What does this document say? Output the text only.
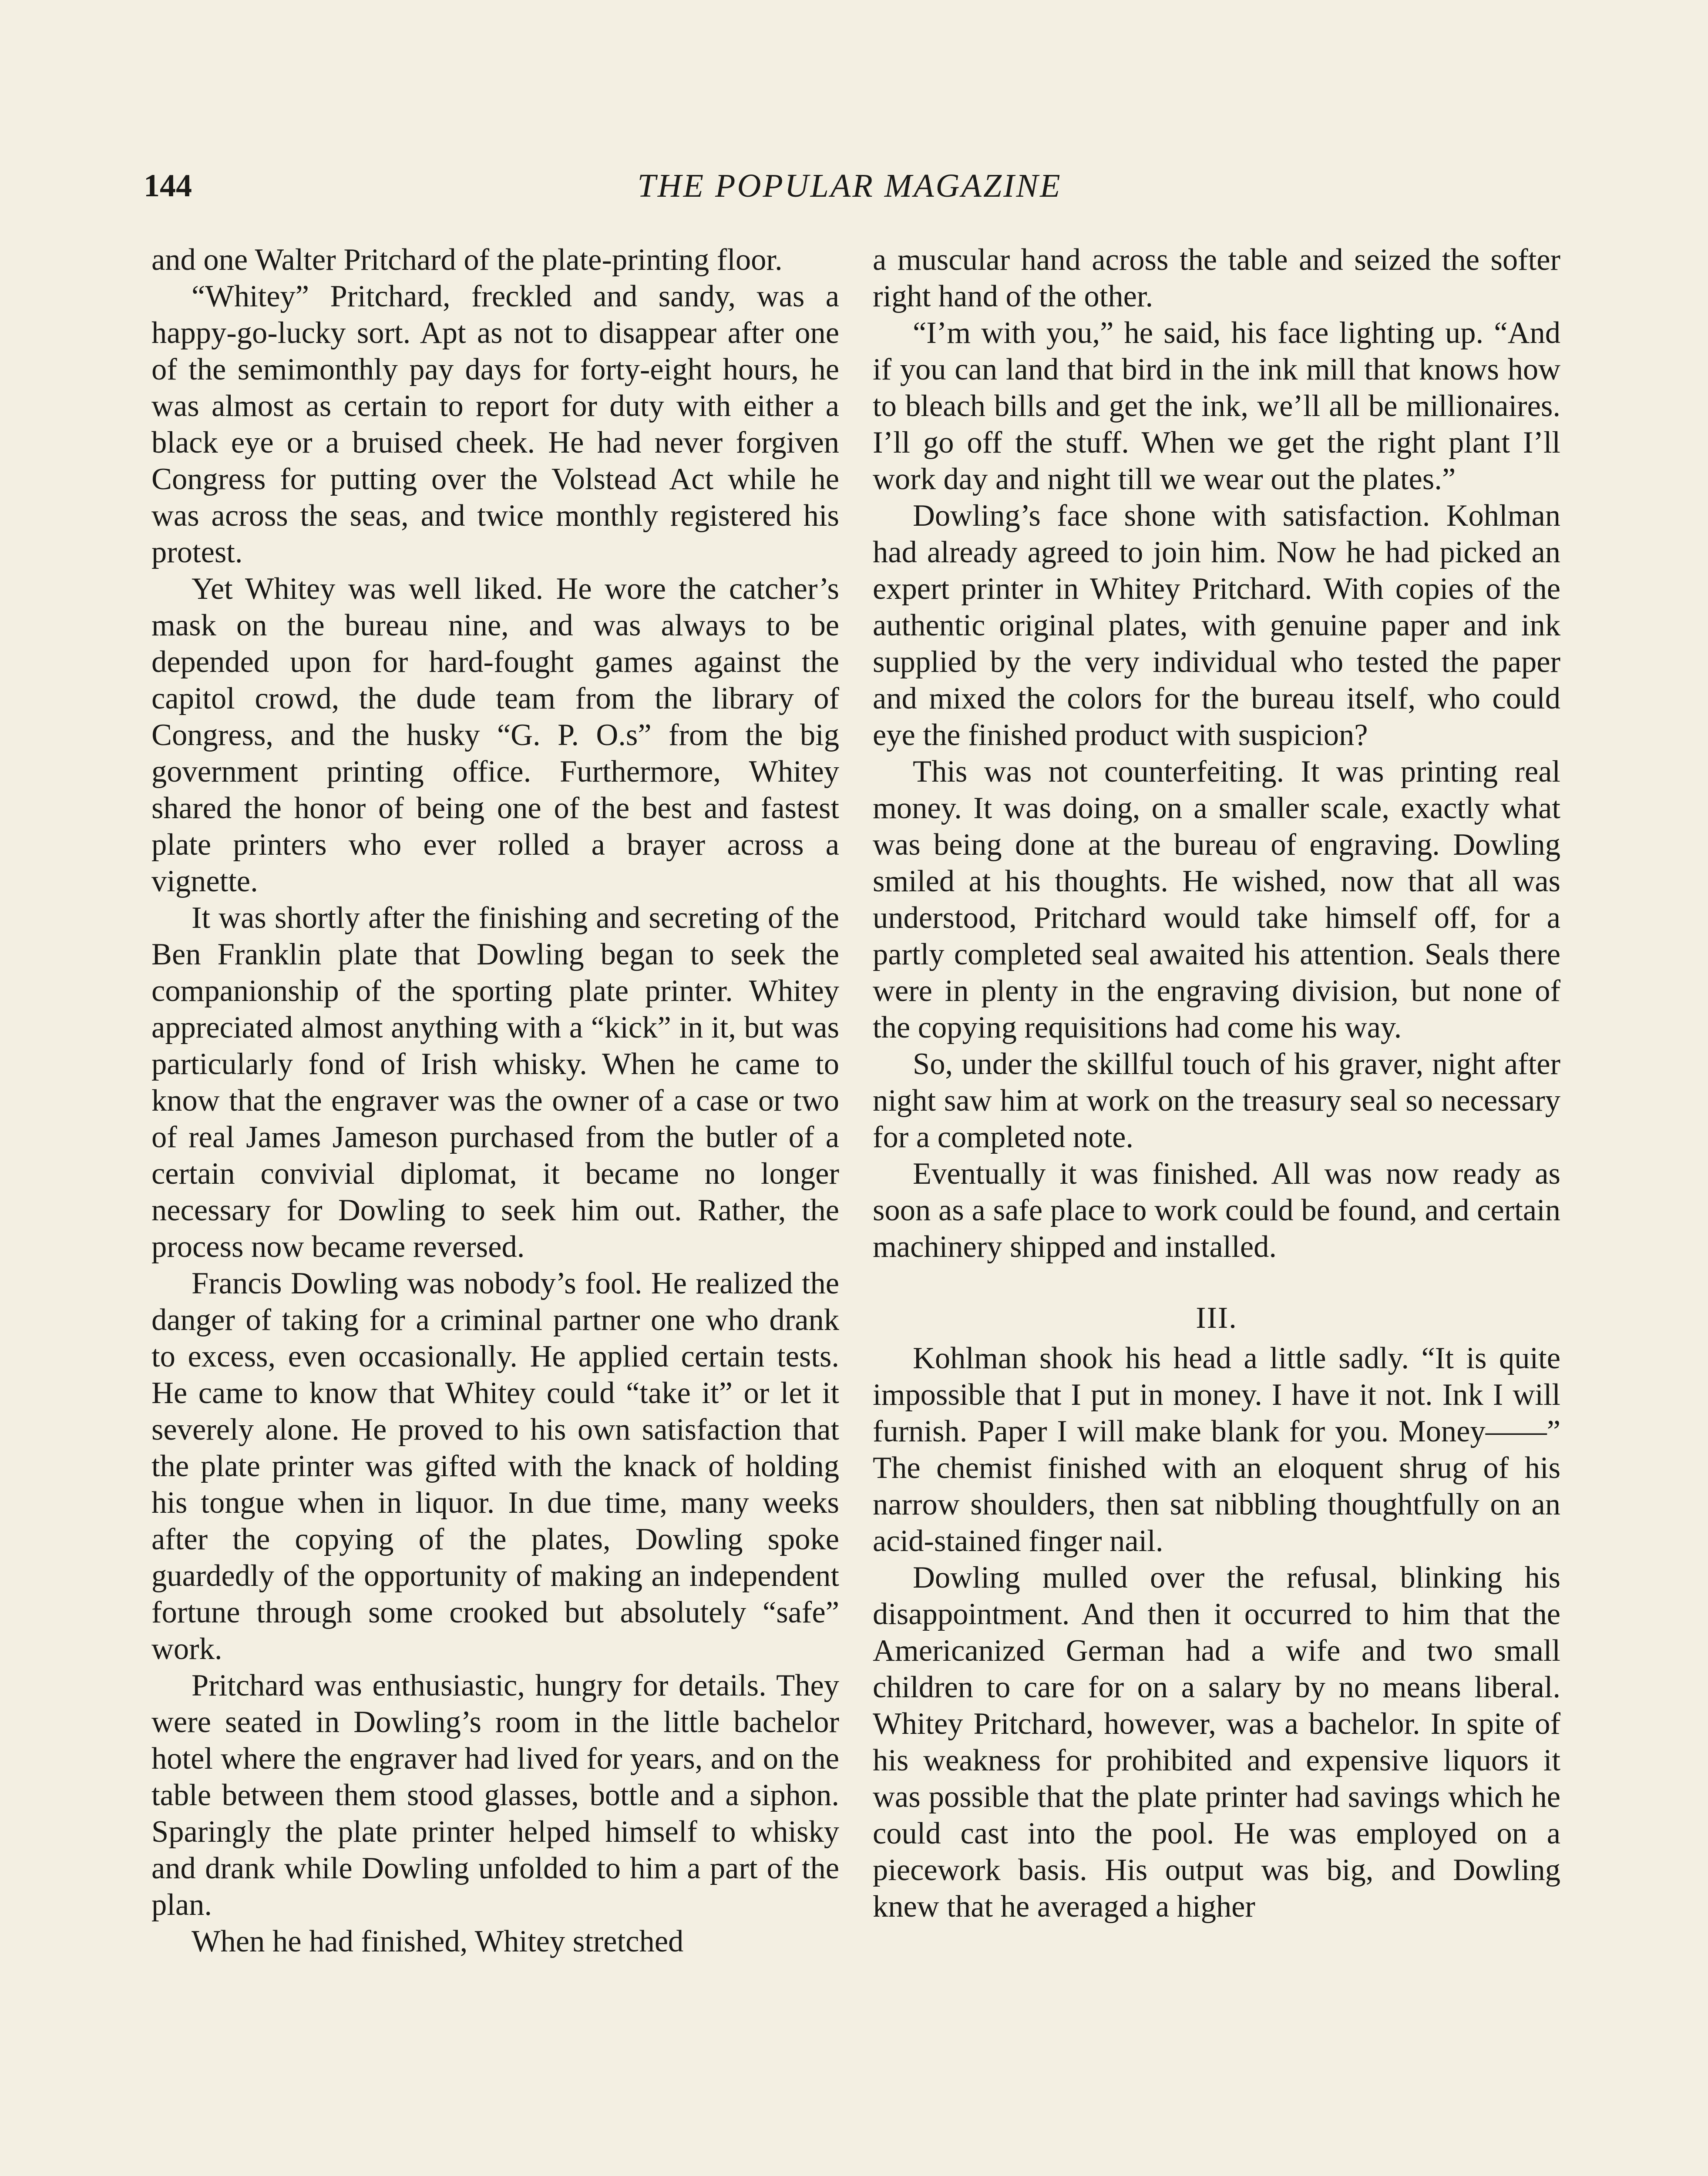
144	THE POPULAR MAGAZINE

and one Walter Pritchard of the plate-printing floor.

“Whitey” Pritchard, freckled and sandy, was a happy-go-lucky sort. Apt as not to disappear after one of the semimonthly pay days for forty-eight hours, he was almost as certain to report for duty with either a black eye or a bruised cheek. He had never forgiven Congress for putting over the Volstead Act while he was across the seas, and twice monthly registered his protest.

Yet Whitey was well liked. He wore the catcher’s mask on the bureau nine, and was always to be depended upon for hard-fought games against the capitol crowd, the dude team from the library of Congress, and the husky “G. P. O.s” from the big government printing office. Furthermore, Whitey shared the honor of being one of the best and fastest plate printers who ever rolled a brayer across a vignette.

It was shortly after the finishing and secreting of the Ben Franklin plate that Dowling began to seek the companionship of the sporting plate printer. Whitey appreciated almost anything with a “kick” in it, but was particularly fond of Irish whisky. When he came to know that the engraver was the owner of a case or two of real James Jameson purchased from the butler of a certain convivial diplomat, it became no longer necessary for Dowling to seek him out. Rather, the process now became reversed.

Francis Dowling was nobody’s fool. He realized the danger of taking for a criminal partner one who drank to excess, even occasionally. He applied certain tests. He came to know that Whitey could “take it” or let it severely alone. He proved to his own satisfaction that the plate printer was gifted with the knack of holding his tongue when in liquor. In due time, many weeks after the copying of the plates, Dowling spoke guardedly of the opportunity of making an independent fortune through some crooked but absolutely “safe” work.

Pritchard was enthusiastic, hungry for details. They were seated in Dowling’s room in the little bachelor hotel where the engraver had lived for years, and on the table between them stood glasses, bottle and a siphon. Sparingly the plate printer helped himself to whisky and drank while Dowling unfolded to him a part of the plan.

When he had finished, Whitey stretched

a muscular hand across the table and seized the softer right hand of the other.

“I’m with you,” he said, his face lighting up. “And if you can land that bird in the ink mill that knows how to bleach bills and get the ink, we’ll all be millionaires. I’ll go off the stuff. When we get the right plant I’ll work day and night till we wear out the plates.”

Dowling’s face shone with satisfaction. Kohlman had already agreed to join him. Now he had picked an expert printer in Whitey Pritchard. With copies of the authentic original plates, with genuine paper and ink supplied by the very individual who tested the paper and mixed the colors for the bureau itself, who could eye the finished product with suspicion?

This was not counterfeiting. It was printing real money. It was doing, on a smaller scale, exactly what was being done at the bureau of engraving. Dowling smiled at his thoughts. He wished, now that all was understood, Pritchard would take himself off, for a partly completed seal awaited his attention. Seals there were in plenty in the engraving division, but none of the copying requisitions had come his way.

So, under the skillful touch of his graver, night after night saw him at work on the treasury seal so necessary for a completed note.

Eventually it was finished. All was now ready as soon as a safe place to work could be found, and certain machinery shipped and installed.

III.

Kohlman shook his head a little sadly. “It is quite impossible that I put in money. I have it not. Ink I will furnish. Paper I will make blank for you. Money——” The chemist finished with an eloquent shrug of his narrow shoulders, then sat nibbling thoughtfully on an acid-stained finger nail.

Dowling mulled over the refusal, blinking his disappointment. And then it occurred to him that the Americanized German had a wife and two small children to care for on a salary by no means liberal. Whitey Pritchard, however, was a bachelor. In spite of his weakness for prohibited and expensive liquors it was possible that the plate printer had savings which he could cast into the pool. He was employed on a piecework basis. His output was big, and Dowling knew that he averaged a higher
